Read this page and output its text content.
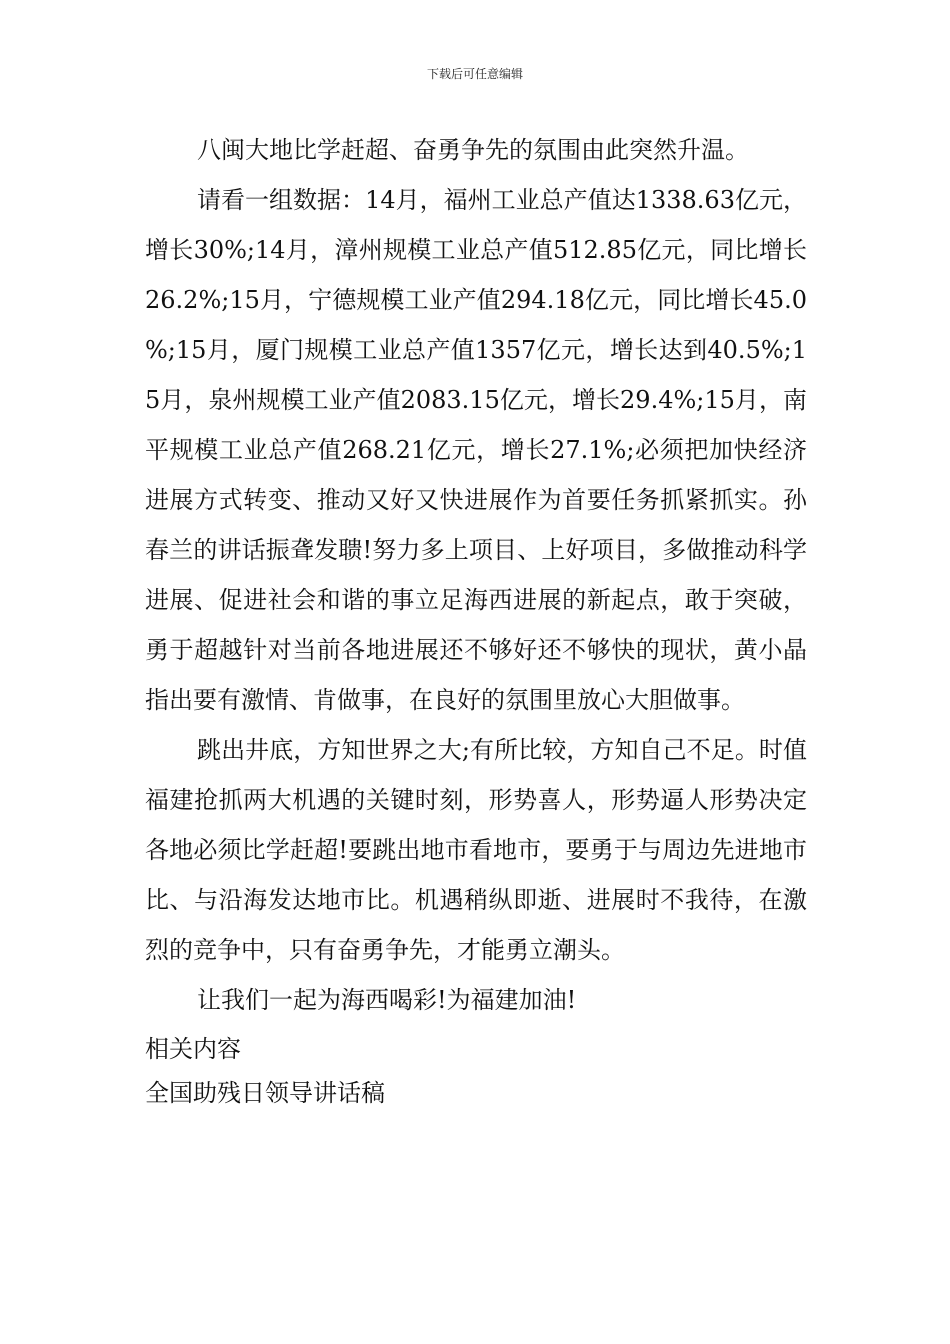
下载后可任意编辑

八闽大地比学赶超、奋勇争先的氛围由此突然升温。

请看一组数据：14月，福州工业总产值达1338.63亿元，增长30%;14月，漳州规模工业总产值512.85亿元，同比增长26.2%;15月，宁德规模工业产值294.18亿元，同比增长45.0%;15月，厦门规模工业总产值1357亿元，增长达到40.5%;15月，泉州规模工业产值2083.15亿元，增长29.4%;15月，南平规模工业总产值268.21亿元，增长27.1%;必须把加快经济进展方式转变、推动又好又快进展作为首要任务抓紧抓实。孙春兰的讲话振聋发聩!努力多上项目、上好项目，多做推动科学进展、促进社会和谐的事立足海西进展的新起点，敢于突破，勇于超越针对当前各地进展还不够好还不够快的现状，黄小晶指出要有激情、肯做事，在良好的氛围里放心大胆做事。

跳出井底，方知世界之大;有所比较，方知自己不足。时值福建抢抓两大机遇的关键时刻，形势喜人，形势逼人形势决定各地必须比学赶超!要跳出地市看地市，要勇于与周边先进地市比、与沿海发达地市比。机遇稍纵即逝、进展时不我待，在激烈的竞争中，只有奋勇争先，才能勇立潮头。

让我们一起为海西喝彩!为福建加油!

相关内容

全国助残日领导讲话稿
